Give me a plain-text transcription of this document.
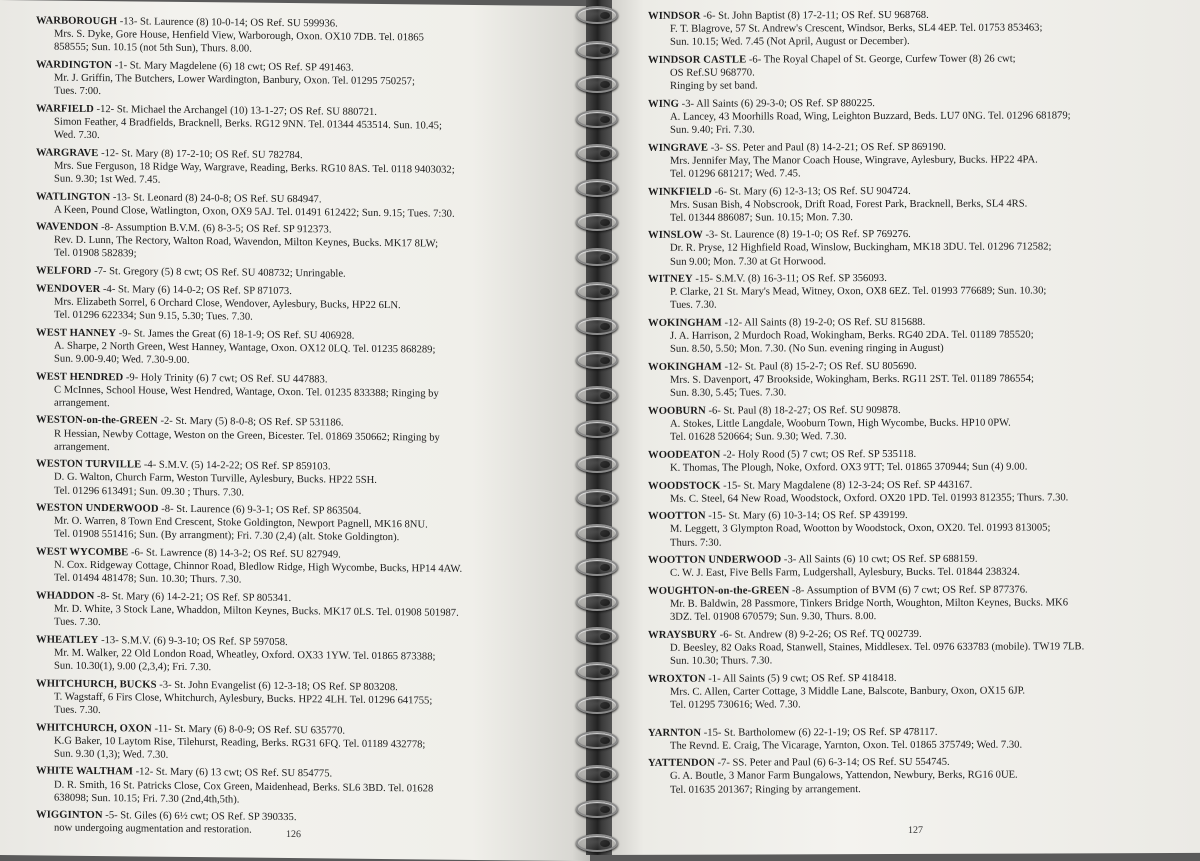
WARBOROUGH -13- St. Laurence (8) 10-0-14; OS Ref. SU 599936.
Mrs. S. Dyke, Gore House, Henfield View, Warborough, Oxon. OX10 7DB. Tel. 01865
858555; Sun. 10.15 (not 5th Sun), Thurs. 8.00.
WARDINGTON -1- St. Mary Magdelene (6) 18 cwt; OS Ref. SP 491463.
Mr. J. Griffin, The Butchers, Lower Wardington, Banbury, Oxon. Tel. 01295 750257;
Tues. 7:00.
WARFIELD -12- St. Michael the Archangel (10) 13-1-27; OS Ref. SU 880721.
Simon Feather, 4 Bradfields, Bracknell, Berks. RG12 9NN. Tel. 01344 453514. Sun. 10.45;
Wed. 7.30.
WARGRAVE -12- St. Mary (8) 17-2-10; OS Ref. SU 782784.
Mrs. Sue Ferguson, 18 Ridge Way, Wargrave, Reading, Berks. RG10 8AS. Tel. 0118 9403032;
Sun. 9.30; 1st Wed. 7.45.
WATLINGTON -13- St. Leonard (8) 24-0-8; OS Ref. SU 684947.
A Keen, Pound Close, Watlington, Oxon, OX9 5AJ. Tel. 01491 612422; Sun. 9.15; Tues. 7:30.
WAVENDON -8- Assumption B.V.M. (6) 8-3-5; OS Ref. SP 912373.
Rev. D. Lunn, The Rectory, Walton Road, Wavendon, Milton Keynes, Bucks. MK17 8LW;
Tel. 01908 582839;
WELFORD -7- St. Gregory (5) 8 cwt; OS Ref. SU 408732; Unringable.
WENDOVER -4- St. Mary (6) 14-0-2; OS Ref. SP 871073.
Mrs. Elizabeth Sorrel, 6 Orchard Close, Wendover, Aylesbury, Bucks, HP22 6LN.
Tel. 01296 622334; Sun 9.15, 5.30; Tues. 7.30.
WEST HANNEY -9- St. James the Great (6) 18-1-9; OS Ref. SU 406928.
A. Sharpe, 2 North Green, West Hanney, Wantage, Oxon. OX12 0LQ. Tel. 01235 868289;
Sun. 9.00-9.40; Wed. 7.30-9.00.
WEST HENDRED -9- Holy Trinity (6) 7 cwt; OS Ref. SU 447883.
C McInnes, School House, West Hendred, Wantage, Oxon. Tel. 01235 833388; Ringing by
arrangement.
WESTON-on-the-GREEN -2- St. Mary (5) 8-0-8; OS Ref. SP 531186.
R Hessian, Newby Cottage, Weston on the Green, Bicester. Tel. 01869 350662; Ringing by
arrangement.
WESTON TURVILLE -4- S.M.V. (5) 14-2-22; OS Ref. SP 859103.
D. G. Walton, Church Farm, Weston Turville, Aylesbury, Bucks. HP22 5SH.
Tel. 01296 613491; Sun. 09.30 ; Thurs. 7.30.
WESTON UNDERWOOD -8- St. Laurence (6) 9-3-1; OS Ref. SP 863504.
Mr. O. Warren, 8 Town End Crescent, Stoke Goldington, Newport Pagnell, MK16 8NU.
Tel. 01908 551416; Sun. (By arrangment); Fri. 7.30 (2,4) (alt. Stoke Goldington).
WEST WYCOMBE -6- St. Lawrence (8) 14-3-2; OS Ref. SU 827949.
N. Cox. Ridgeway Cottage, Chinnor Road, Bledlow Ridge, High Wycombe, Bucks, HP14 4AW.
Tel. 01494 481478; Sun. 10.30; Thurs. 7.30.
WHADDON -8- St. Mary (6) 14-2-21; OS Ref. SP 805341.
Mr. D. White, 3 Stock Lane, Whaddon, Milton Keynes, Bucks. MK17 0LS. Tel. 01908 501987.
Tues. 7.30.
WHEATLEY -13- S.M.V. (6) 9-3-10; OS Ref. SP 597058.
Mr. M. Walker, 22 Old London Road, Wheatley, Oxford. OX33 1YW. Tel. 01865 873388;
Sun. 10.30(1), 9.00 (2,3,4); Fri. 7.30.
WHITCHURCH, BUCKS -3- St. John Evangelist (6) 12-3-18; OS Ref. SP 803208.
T. Wagstaff, 6 Firs Close, Whitchurch, Aylesbury, Bucks. HP22 4LH. Tel. 01296 641755;
Tues. 7.30.
WHITCHURCH, OXON -11- St. Mary (6) 8-0-9; OS Ref. SU 635770.
K.G Baker, 10 Laytom Rise, Tilehurst, Reading, Berks. RG31 6FQ. Tel. 01189 432778;
Sun. 9.30 (1,3); Wed. 7.30.
WHITE WALTHAM -12- St. Mary (6) 13 cwt; OS Ref. SU 854775.
D. R. Smith, 16 St. Patricks Close, Cox Green, Maidenhead, Berks. SL6 3BD. Tel. 01628
638098; Sun. 10.15; Fri. 7.30 (2nd,4th,5th).
WIGGINTON -5- St. Giles (6) 6½ cwt; OS Ref. SP 390335.
now undergoing augmentation and restoration.	126
WINDSOR -6- St. John Baptist (8) 17-2-11; OS Ref. SU 968768.
F. T. Blagrove, 57 St. Andrew's Crescent, Windsor, Berks, SL4 4EP. Tel. 01753 853463;
Sun. 10.15; Wed. 7.45 (Not April, August or December).
WINDSOR CASTLE -6- The Royal Chapel of St. George, Curfew Tower (8) 26 cwt;
OS Ref.SU 968770.
Ringing by set band.
WING -3- All Saints (6) 29-3-0; OS Ref. SP 880225.
A. Lancey, 43 Moorhills Road, Wing, Leighton Buzzard, Beds. LU7 0NG. Tel. 01296 681879;
Sun. 9.40; Fri. 7.30.
WINGRAVE -3- SS. Peter and Paul (8) 14-2-21; OS Ref. SP 869190.
Mrs. Jennifer May, The Manor Coach House, Wingrave, Aylesbury, Bucks. HP22 4PA.
Tel. 01296 681217; Wed. 7.45.
WINKFIELD -6- St. Mary (6) 12-3-13; OS Ref. SU 904724.
Mrs. Susan Bish, 4 Nobscrook, Drift Road, Forest Park, Bracknell, Berks, SL4 4RS.
Tel. 01344 886087; Sun. 10.15; Mon. 7.30.
WINSLOW -3- St. Laurence (8) 19-1-0; OS Ref. SP 769276.
Dr. R. Pryse, 12 Highfield Road, Winslow, Buckingham, MK18 3DU. Tel. 01296 712582;
Sun 9.00; Mon. 7.30 at Gt Horwood.
WITNEY -15- S.M.V. (8) 16-3-11; OS Ref. SP 356093.
P. Clarke, 21 St. Mary's Mead, Witney, Oxon, OX8 6EZ. Tel. 01993 776689; Sun. 10.30;
Tues. 7.30.
WOKINGHAM -12- All Saints (8) 19-2-0; OS Ref. SU 815688.
J. A. Harrison, 2 Murdoch Road, Wokingham, Berks. RG40 2DA. Tel. 01189 785520;
Sun. 8.50, 5.50; Mon. 7.30. (No Sun. evening ringing in August)
WOKINGHAM -12- St. Paul (8) 15-2-7; OS Ref. SU 805690.
Mrs. S. Davenport, 47 Brookside, Wokingham, Berks. RG11 2ST. Tel. 01189 786554;
Sun. 8.30, 5.45; Tues. 7.30.
WOOBURN -6- St. Paul (8) 18-2-27; OS Ref. SU 909878.
A. Stokes, Little Langdale, Wooburn Town, High Wycombe, Bucks. HP10 0PW.
Tel. 01628 520664; Sun. 9.30; Wed. 7.30.
WOODEATON -2- Holy Rood (5) 7 cwt; OS Ref. SP 535118.
K. Thomas, The Plough, Noke, Oxford. OX3 9TT; Tel. 01865 370944; Sun (4) 9.00.
WOODSTOCK -15- St. Mary Magdalene (8) 12-3-24; OS Ref. SP 443167.
Ms. C. Steel, 64 New Road, Woodstock, Oxford. OX20 1PD. Tel. 01993 812355; Thurs. 7.30.
WOOTTON -15- St. Mary (6) 10-3-14; OS Ref. SP 439199.
M. Leggett, 3 Glympton Road, Wootton by Woodstock, Oxon, OX20. Tel. 01993 813005;
Thurs. 7:30.
WOOTTON UNDERWOOD -3- All Saints (6) 10 cwt; OS Ref. SP 688159.
C. W. J. East, Five Bells Farm, Ludgershall, Aylesbury, Bucks. Tel. 01844 238324.
WOUGHTON-on-the-GREEN -8- Assumption of BVM (6) 7 cwt; OS Ref. SP 877376.
Mr. B. Baldwin, 28 Passmore, Tinkers Bridge North, Woughton, Milton Keynes, Bucks. MK6
3DZ. Tel. 01908 670579; Sun. 9.30, Thurs. 8.00.
WRAYSBURY -6- St. Andrew (8) 9-2-26; OS Ref. TQ 002739.
D. Beesley, 82 Oaks Road, Stanwell, Staines, Middlesex. Tel. 0976 633783 (mobile). TW19 7LB.
Sun. 10.30; Thurs. 7.30.
WROXTON -1- All Saints (5) 9 cwt; OS Ref. SP 418418.
Mrs. C. Allen, Carter Cottage, 3 Middle Lane, Balscote, Banbury, Oxon, OX15 6JP.
Tel. 01295 730616; Wed. 7.30.
YARNTON -15- St. Bartholomew (6) 22-1-19; OS Ref. SP 478117.
The Revnd. E. Craig, The Vicarage, Yarnton, Oxon. Tel. 01865 375749; Wed. 7.30.
YATTENDON -7- SS. Peter and Paul (6) 6-3-14; OS Ref. SU 554745.
G. A. Boutle, 3 Manor Farm Bungalows, Yattendon, Newbury, Berks, RG16 0UE.
Tel. 01635 201367; Ringing by arrangement.
127
